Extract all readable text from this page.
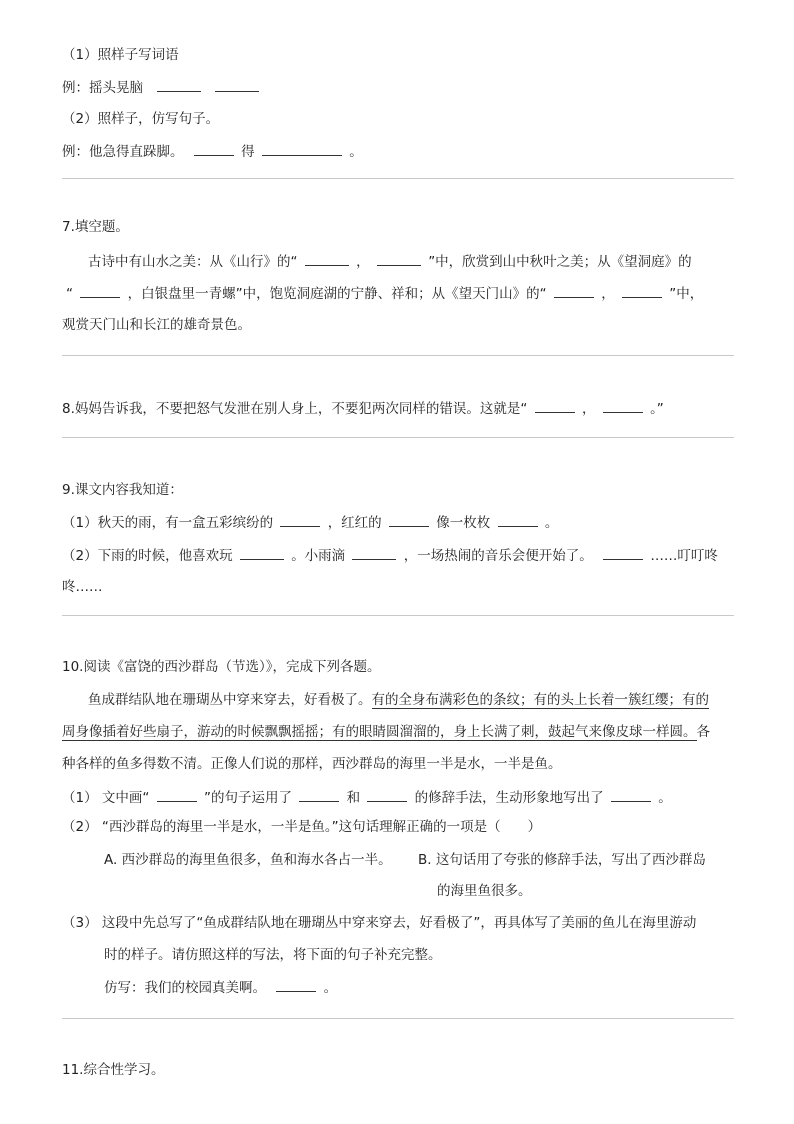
（1）照样子写词语
例：摇头晃脑
（2）照样子，仿写句子。
例：他急得直跺脚。	得	。
7.填空题。
古诗中有山水之美：从《山行》的“	，	”中，欣赏到山中秋叶之美；从《望洞庭》的
“	，白银盘里一青螺”中，饱览洞庭湖的宁静、祥和；从《望天门山》的“	，	”中，
观赏天门山和长江的雄奇景色。
8.妈妈告诉我，不要把怒气发泄在别人身上，不要犯两次同样的错误。这就是“	，	。”
9.课文内容我知道：
（1）秋天的雨，有一盒五彩缤纷的	，红红的	像一枚枚	。
（2）下雨的时候，他喜欢玩	。小雨滴	，一场热闹的音乐会便开始了。	……叮叮咚
咚……
10.阅读《富饶的西沙群岛（节选）》，完成下列各题。
鱼成群结队地在珊瑚丛中穿来穿去，好看极了。有的全身布满彩色的条纹；有的头上长着一簇红缨；有的
周身像插着好些扇子，游动的时候飘飘摇摇；有的眼睛圆溜溜的，身上长满了刺，鼓起气来像皮球一样圆。各
种各样的鱼多得数不清。正像人们说的那样，西沙群岛的海里一半是水，一半是鱼。
（1） 文中画“	”的句子运用了	和	的修辞手法，生动形象地写出了	。
（2） “西沙群岛的海里一半是水，一半是鱼。”这句话理解正确的一项是（　　）
A. 西沙群岛的海里鱼很多，鱼和海水各占一半。 B. 这句话用了夸张的修辞手法，写出了西沙群岛
的海里鱼很多。
（3） 这段中先总写了“鱼成群结队地在珊瑚丛中穿来穿去，好看极了”，再具体写了美丽的鱼儿在海里游动
时的样子。请仿照这样的写法，将下面的句子补充完整。
仿写：我们的校园真美啊。	。
11.综合性学习。
